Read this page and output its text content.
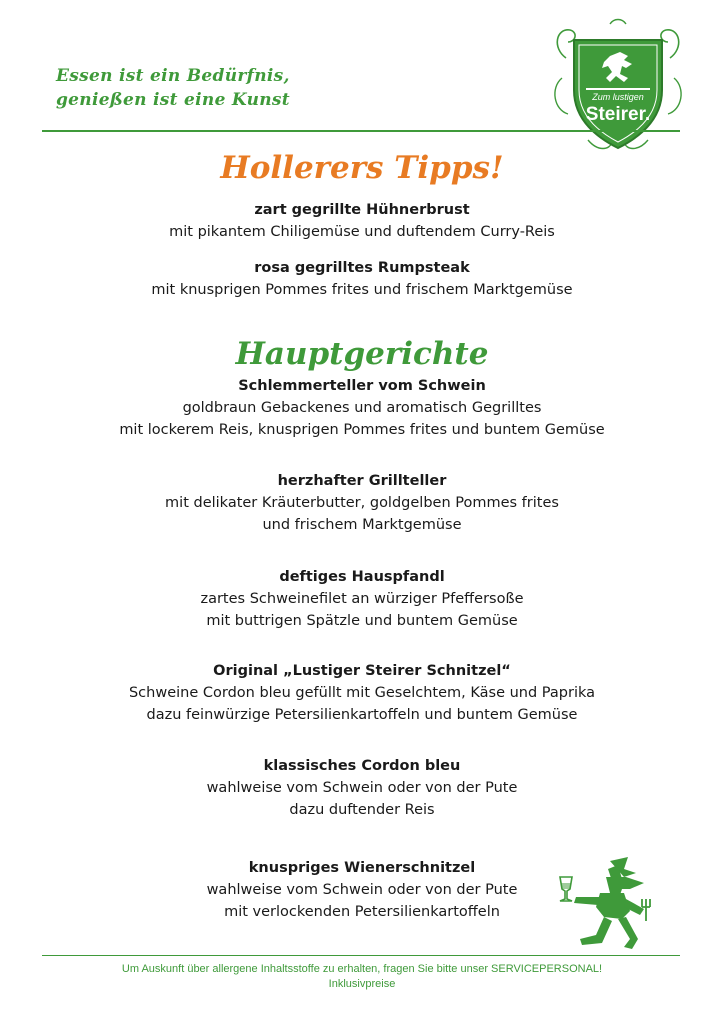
Essen ist ein Bedürfnis,
genießen ist eine Kunst	Zum lustigen
Steirer.
Hollerers Tipps!
zart gegrillte Hühnerbrust
mit pikantem Chiligemüse und duftendem Curry-Reis
rosa gegrilltes Rumpsteak
mit knusprigen Pommes frites und frischem Marktgemüse
Hauptgerichte
Schlemmerteller vom Schwein
goldbraun Gebackenes und aromatisch Gegrilltes
mit lockerem Reis, knusprigen Pommes frites und buntem Gemüse
herzhafter Grillteller
mit delikater Kräuterbutter, goldgelben Pommes frites
und frischem Marktgemüse
deftiges Hauspfandl
zartes Schweinefilet an würziger Pfeffersoße
mit buttrigen Spätzle und buntem Gemüse
Original „Lustiger Steirer Schnitzel“
Schweine Cordon bleu gefüllt mit Geselchtem, Käse und Paprika
dazu feinwürzige Petersilienkartoffeln und buntem Gemüse
klassisches Cordon bleu
wahlweise vom Schwein oder von der Pute
dazu duftender Reis
knuspriges Wienerschnitzel
wahlweise vom Schwein oder von der Pute
mit verlockenden Petersilienkartoffeln
Um Auskunft über allergene Inhaltsstoffe zu erhalten, fragen Sie bitte unser SERVICEPERSONAL!
Inklusivpreise
